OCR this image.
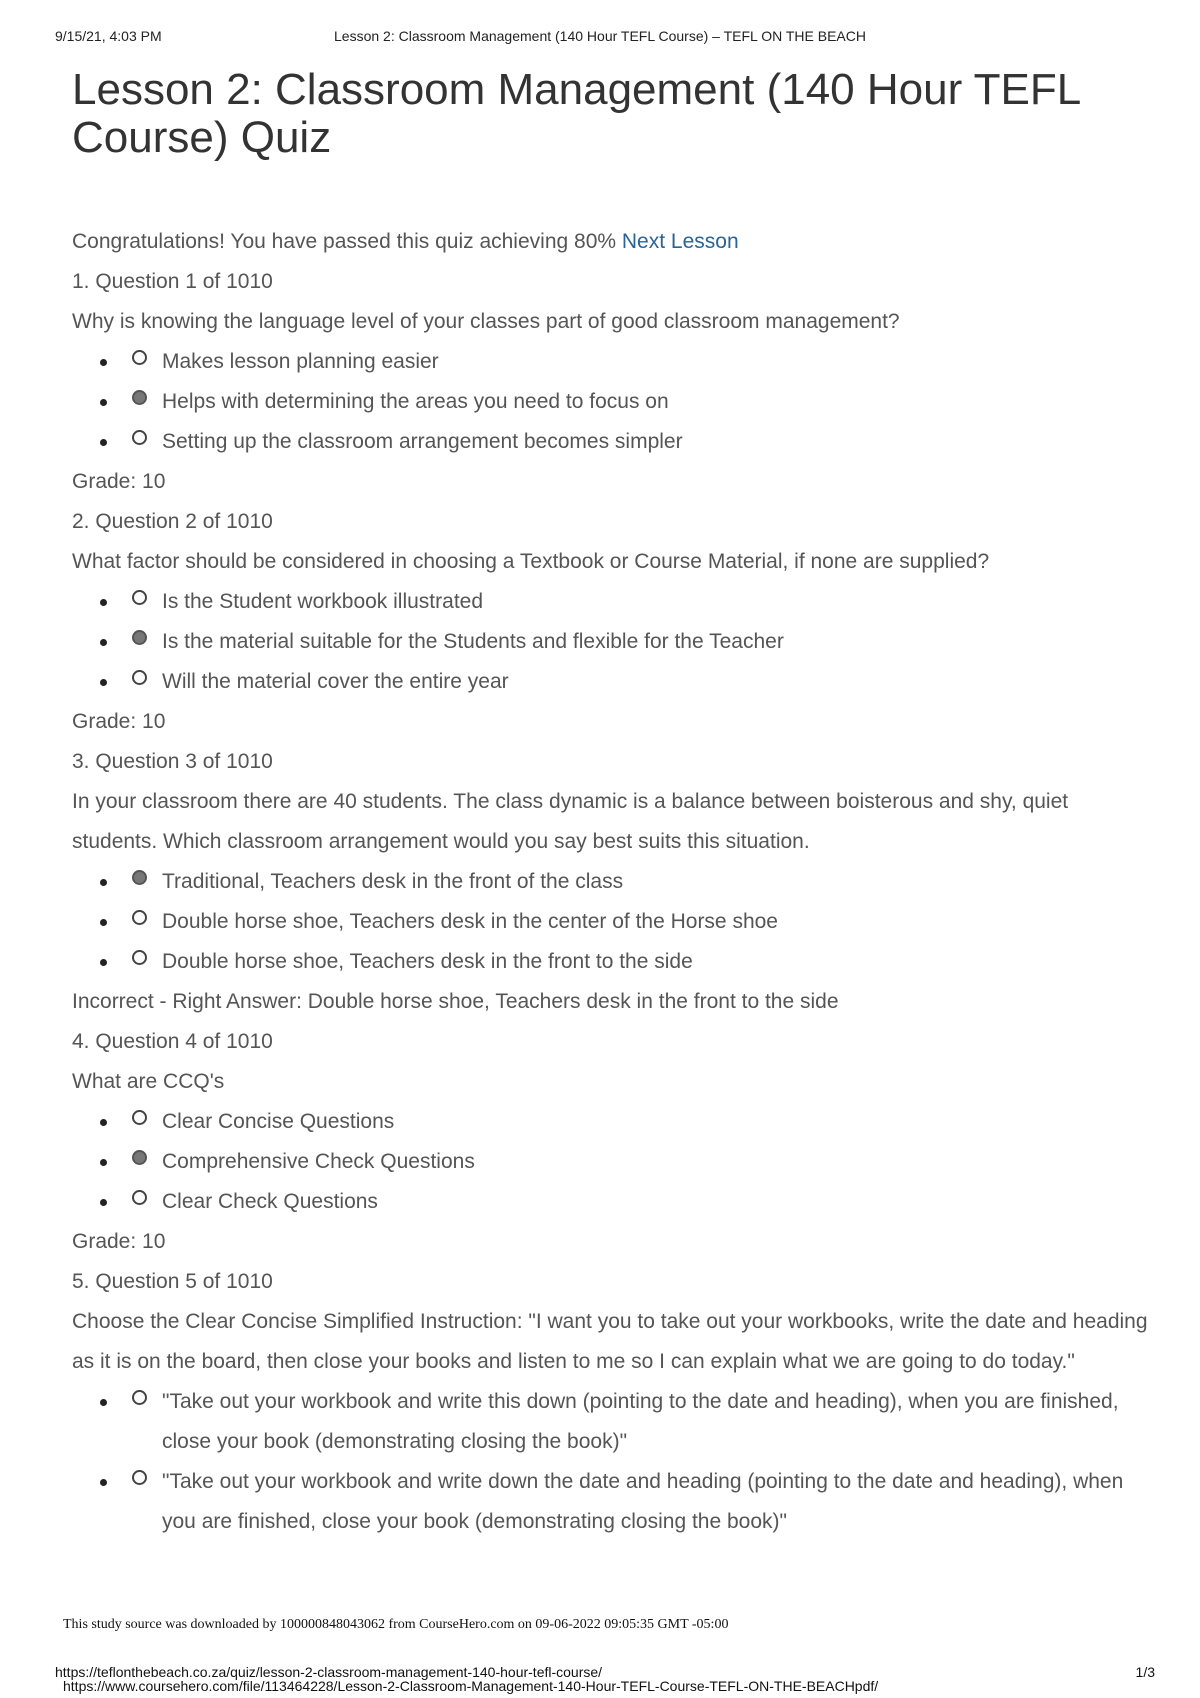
9/15/21, 4:03 PM	Lesson 2: Classroom Management (140 Hour TEFL Course) – TEFL ON THE BEACH
Lesson 2: Classroom Management (140 Hour TEFL Course) Quiz
Congratulations! You have passed this quiz achieving 80% Next Lesson
1. Question 1 of 1010
Why is knowing the language level of your classes part of good classroom management?
Makes lesson planning easier
Helps with determining the areas you need to focus on
Setting up the classroom arrangement becomes simpler
Grade: 10
2. Question 2 of 1010
What factor should be considered in choosing a Textbook or Course Material, if none are supplied?
Is the Student workbook illustrated
Is the material suitable for the Students and flexible for the Teacher
Will the material cover the entire year
Grade: 10
3. Question 3 of 1010
In your classroom there are 40 students. The class dynamic is a balance between boisterous and shy, quiet students. Which classroom arrangement would you say best suits this situation.
Traditional, Teachers desk in the front of the class
Double horse shoe, Teachers desk in the center of the Horse shoe
Double horse shoe, Teachers desk in the front to the side
Incorrect - Right Answer: Double horse shoe, Teachers desk in the front to the side
4. Question 4 of 1010
What are CCQ's
Clear Concise Questions
Comprehensive Check Questions
Clear Check Questions
Grade: 10
5. Question 5 of 1010
Choose the Clear Concise Simplified Instruction: "I want you to take out your workbooks, write the date and heading as it is on the board, then close your books and listen to me so I can explain what we are going to do today."
"Take out your workbook and write this down (pointing to the date and heading), when you are finished, close your book (demonstrating closing the book)"
"Take out your workbook and write down the date and heading (pointing to the date and heading), when you are finished, close your book (demonstrating closing the book)"
This study source was downloaded by 100000848043062 from CourseHero.com on 09-06-2022 09:05:35 GMT -05:00
https://teflonthebeach.co.za/quiz/lesson-2-classroom-management-140-hour-tefl-course/
https://www.coursehero.com/file/113464228/Lesson-2-Classroom-Management-140-Hour-TEFL-Course-TEFL-ON-THE-BEACHpdf/
1/3
